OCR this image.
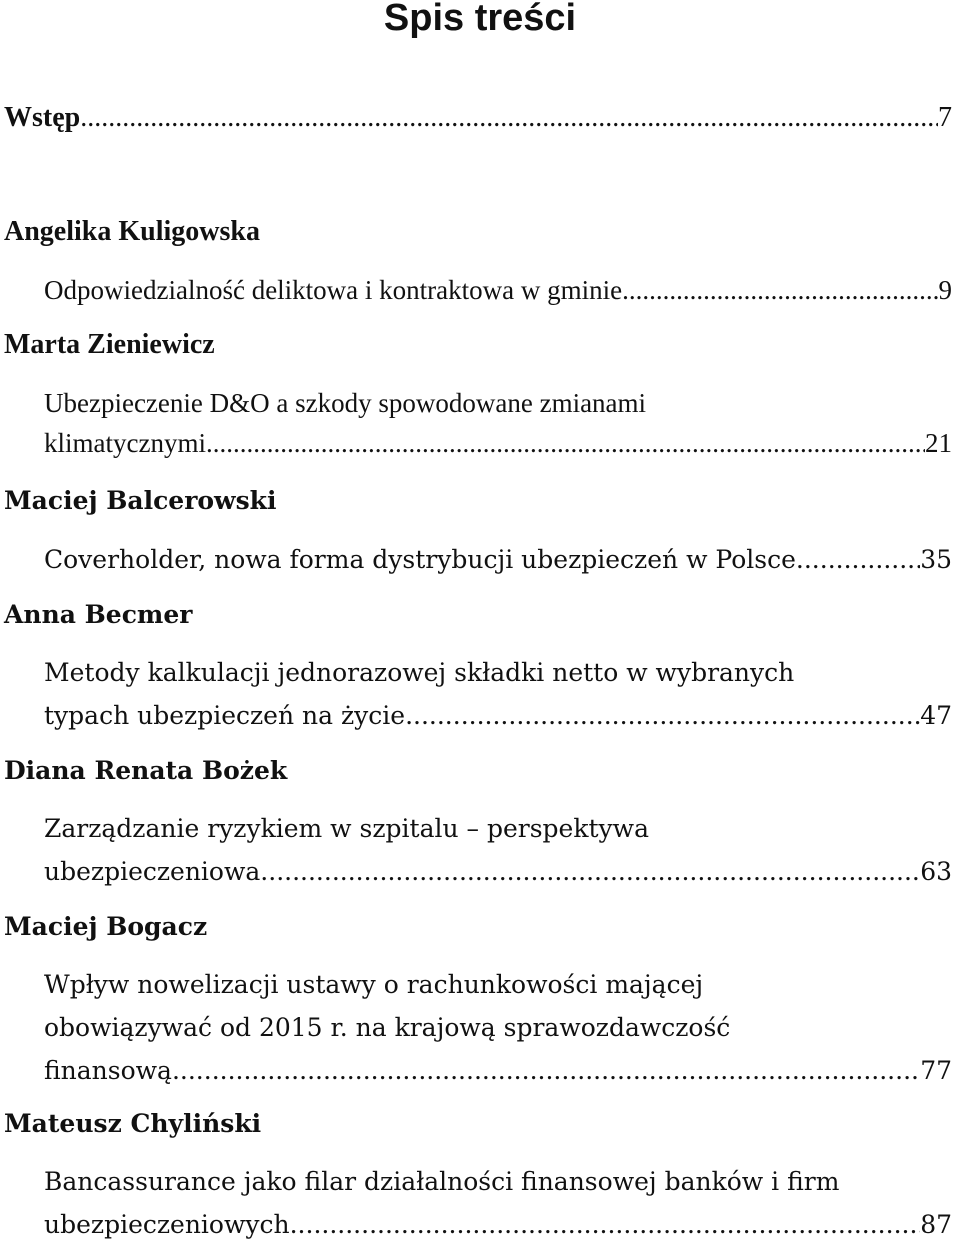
Spis treści
Wstęp .....	7
Angelika Kuligowska
Odpowiedzialność deliktowa i kontraktowa w gminie .....	9
Marta Zieniewicz
Ubezpieczenie D&O a szkody spowodowane zmianami
klimatycznymi .....	21
Maciej Balcerowski
Coverholder, nowa forma dystrybucji ubezpieczeń w Polsce .....	35
Anna Becmer
Metody kalkulacji jednorazowej składki netto w wybranych
typach ubezpieczeń na życie .....	47
Diana Renata Bożek
Zarządzanie ryzykiem w szpitalu – perspektywa
ubezpieczeniowa .....	63
Maciej Bogacz
Wpływ nowelizacji ustawy o rachunkowości mającej
obowiązywać od 2015 r. na krajową sprawozdawczość
finansową .....	77
Mateusz Chyliński
Bancassurance jako filar działalności finansowej banków i firm
ubezpieczeniowych .....	87
